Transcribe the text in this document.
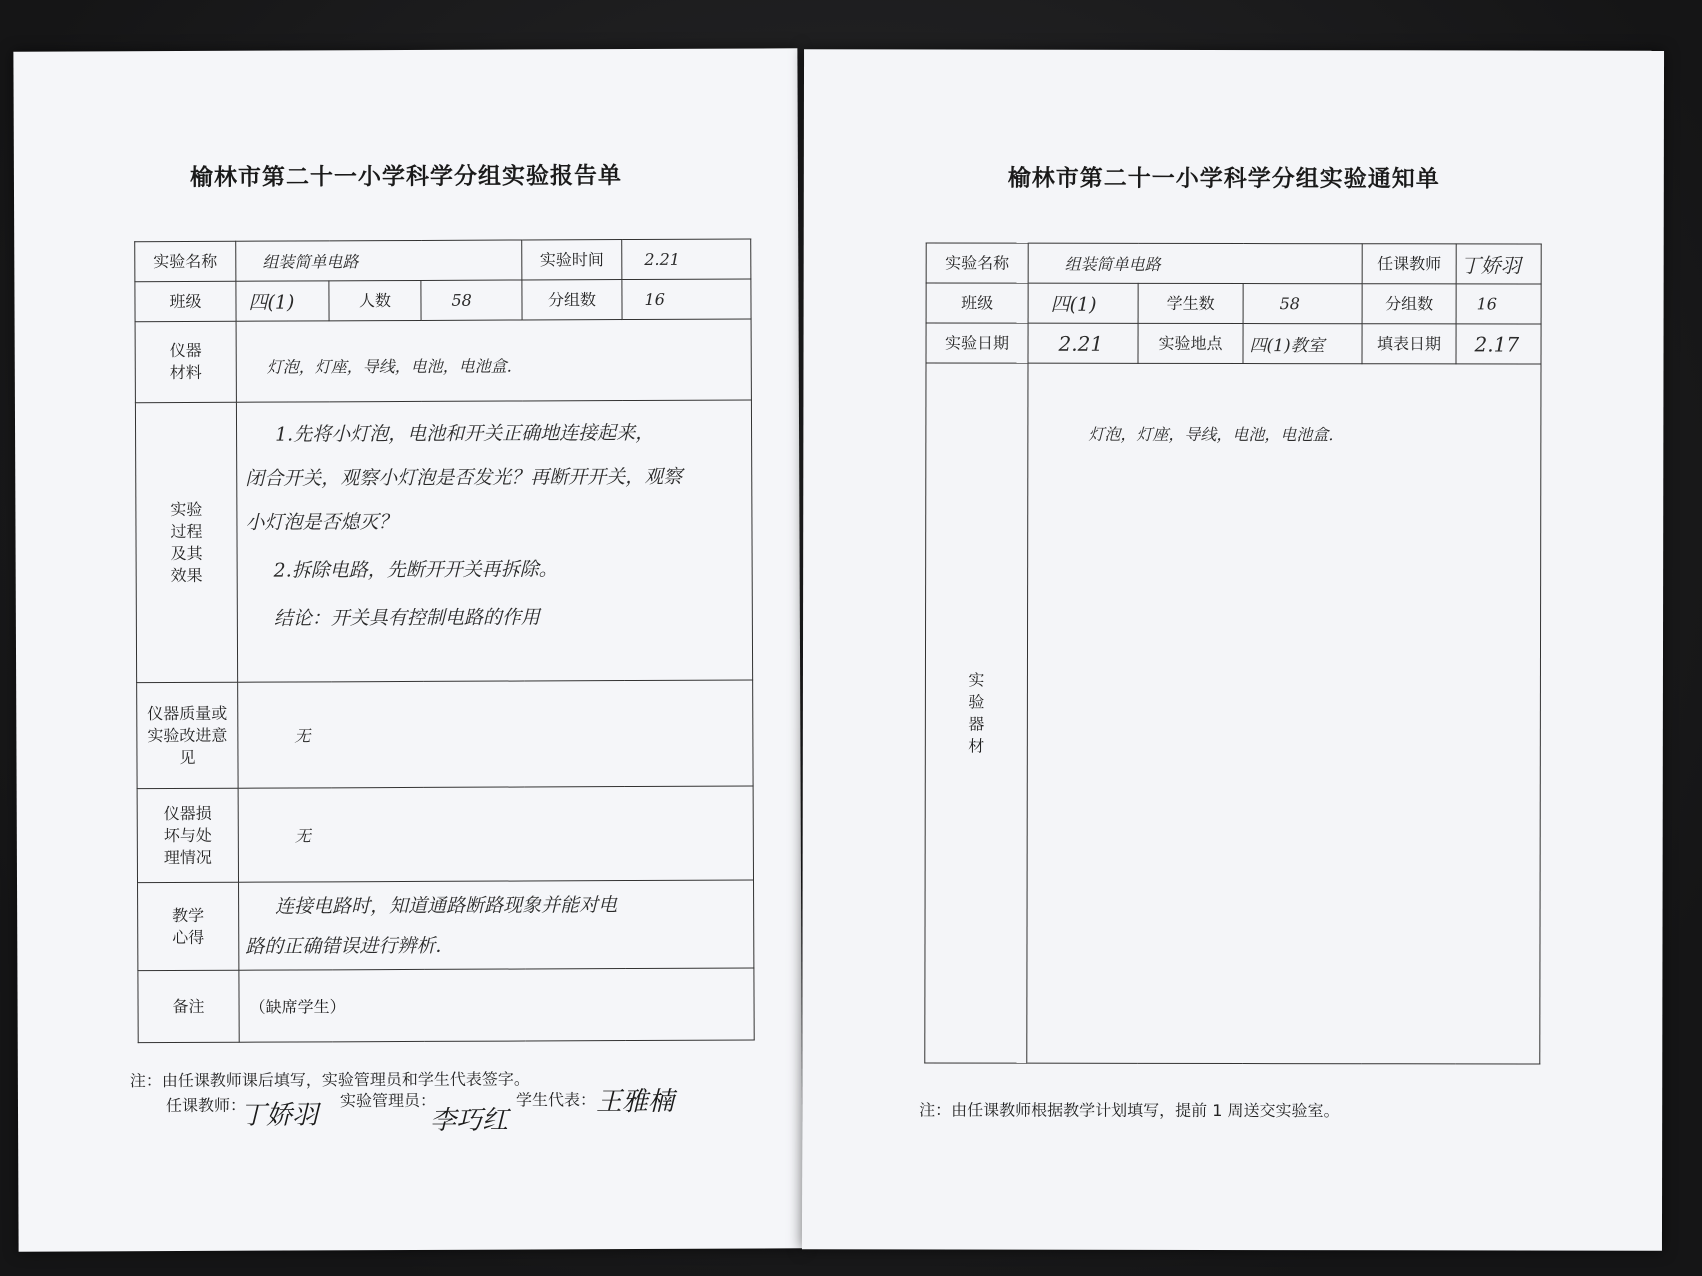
榆林市第二十一小学科学分组实验报告单
实验名称	组装简单电路			实验时间	2.21
班级	四(1)	人数	58	分组数	16
仪器材料	灯泡，灯座，导线，电池，电池盒.				
实验过程及其效果	1.先将小灯泡，电池和开关正确地连接起来，
闭合开关，观察小灯泡是否发光？再断开开关，观察
小灯泡是否熄灭？
2.拆除电路，先断开开关再拆除。
结论：开关具有控制电路的作用				

仪器质量或实验改进意见	无				
仪器损坏与处理情况	无				
教学心得	连接电路时，知道通路断路现象并能对电
路的正确错误进行辨析.				

备注	（缺席学生）				
注：由任课教师课后填写，实验管理员和学生代表签字。
任课教师：
丁娇羽 实验管理员：
李巧红
学生代表： 王雅楠
榆林市第二十一小学科学分组实验通知单
实验名称	组装简单电路			任课教师	丁娇羽
班级	四(1)	学生数	58	分组数	16
实验日期	2.21	实验地点	四(1)教室	填表日期	2.17
实验器材	灯泡，灯座，导线，电池，电池盒.				
注：由任课教师根据教学计划填写，提前 1 周送交实验室。
